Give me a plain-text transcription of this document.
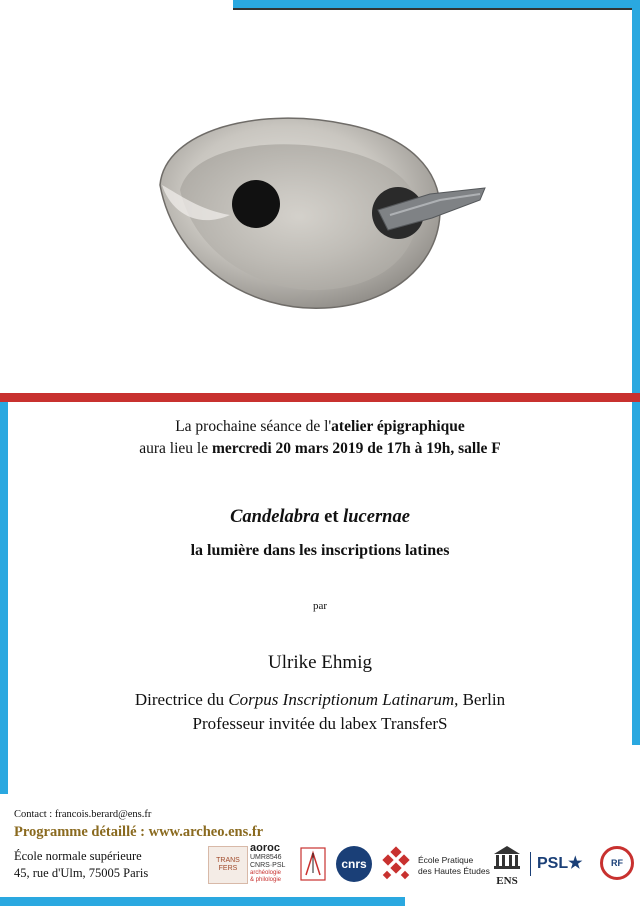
La prochaine séance de l'atelier épigraphique
aura lieu le mercredi 20 mars 2019 de 17h à 19h, salle F
Candelabra et lucernae
la lumière dans les inscriptions latines
par
Ulrike Ehmig
Directrice du Corpus Inscriptionum Latinarum, Berlin
Professeur invitée du labex TransferS
Contact : francois.berard@ens.fr
Programme détaillé : www.archeo.ens.fr
École normale supérieure
45, rue d'Ulm, 75005 Paris
TRANS FERS
aoroc
UMR8546
CNRS·PSL
archéologie
& philologie
cnrs	École Pratique
des Hautes Études
ENS
PSL★	RF
